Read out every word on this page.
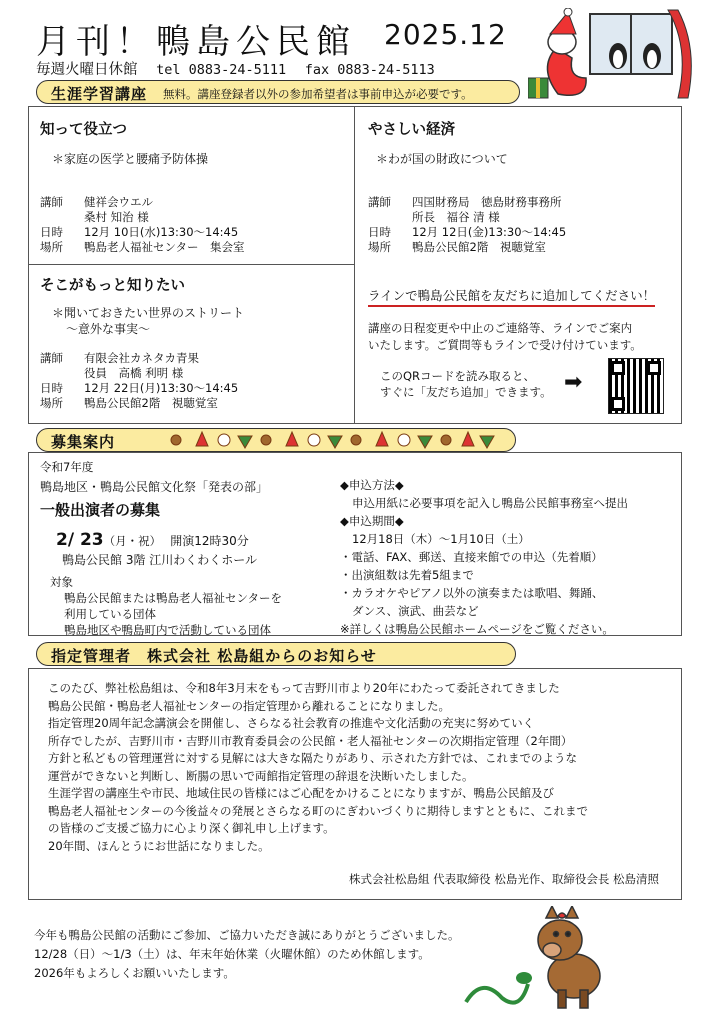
月刊！鴨島公民館 2025.12
毎週火曜日休館 tel 0883-24-5111 fax 0883-24-5113
生涯学習講座 無料。講座登録者以外の参加希望者は事前申込が必要です。
知って役立つ
＊家庭の医学と腰痛予防体操
講師	健祥会ウエル
桑村 知治 様
日時	12月 10日(水)13:30〜14:45
場所	鴨島老人福祉センター　集会室
やさしい経済
＊わが国の財政について
講師	四国財務局　徳島財務事務所
所長　福谷 清 様
日時	12月 12日(金)13:30〜14:45
場所	鴨島公民館2階　視聴覚室
そこがもっと知りたい
＊聞いておきたい世界のストリート
〜意外な事実〜
講師	有限会社カネタカ青果
役員　高橋 利明 様
日時	12月 22日(月)13:30〜14:45
場所	鴨島公民館2階　視聴覚室
ラインで鴨島公民館を友だちに追加してください！
講座の日程変更や中止のご連絡等、ラインでご案内
いたします。ご質問等もラインで受け付けています。
このQRコードを読み取ると、
すぐに「友だち追加」できます。 ➡
募集案内
令和7年度
鴨島地区・鴨島公民館文化祭「発表の部」
一般出演者の募集
2/ 23（月・祝） 開演12時30分
鴨島公民館 3階 江川わくわくホール
対象
鴨島公民館または鴨島老人福祉センターを
利用している団体
鴨島地区や鴨島町内で活動している団体
◆申込方法◆
申込用紙に必要事項を記入し鴨島公民館事務室へ提出
◆申込期間◆
12月18日（木）〜1月10日（土）
・電話、FAX、郵送、直接来館での申込（先着順）
・出演組数は先着5組まで
・カラオケやピアノ以外の演奏または歌唱、舞踊、
ダンス、演武、曲芸など
※詳しくは鴨島公民館ホームページをご覧ください。
指定管理者　株式会社 松島組からのお知らせ
このたび、弊社松島組は、令和8年3月末をもって吉野川市より20年にわたって委託されてきました
鴨島公民館・鴨島老人福祉センターの指定管理から離れることになりました。
指定管理20周年記念講演会を開催し、さらなる社会教育の推進や文化活動の充実に努めていく
所存でしたが、吉野川市・吉野川市教育委員会の公民館・老人福祉センターの次期指定管理（2年間）
方針と私どもの管理運営に対する見解には大きな隔たりがあり、示された方針では、これまでのような
運営ができないと判断し、断腸の思いで両館指定管理の辞退を決断いたしました。
生涯学習の講座生や市民、地域住民の皆様にはご心配をかけることになりますが、鴨島公民館及び
鴨島老人福祉センターの今後益々の発展とさらなる町のにぎわいづくりに期待しますとともに、これまで
の皆様のご支援ご協力に心より深く御礼申し上げます。
20年間、ほんとうにお世話になりました。
株式会社松島組 代表取締役 松島光作、取締役会長 松島清照
今年も鴨島公民館の活動にご参加、ご協力いただき誠にありがとうございました。
12/28（日）〜1/3（土）は、年末年始休業（火曜休館）のため休館します。
2026年もよろしくお願いいたします。
